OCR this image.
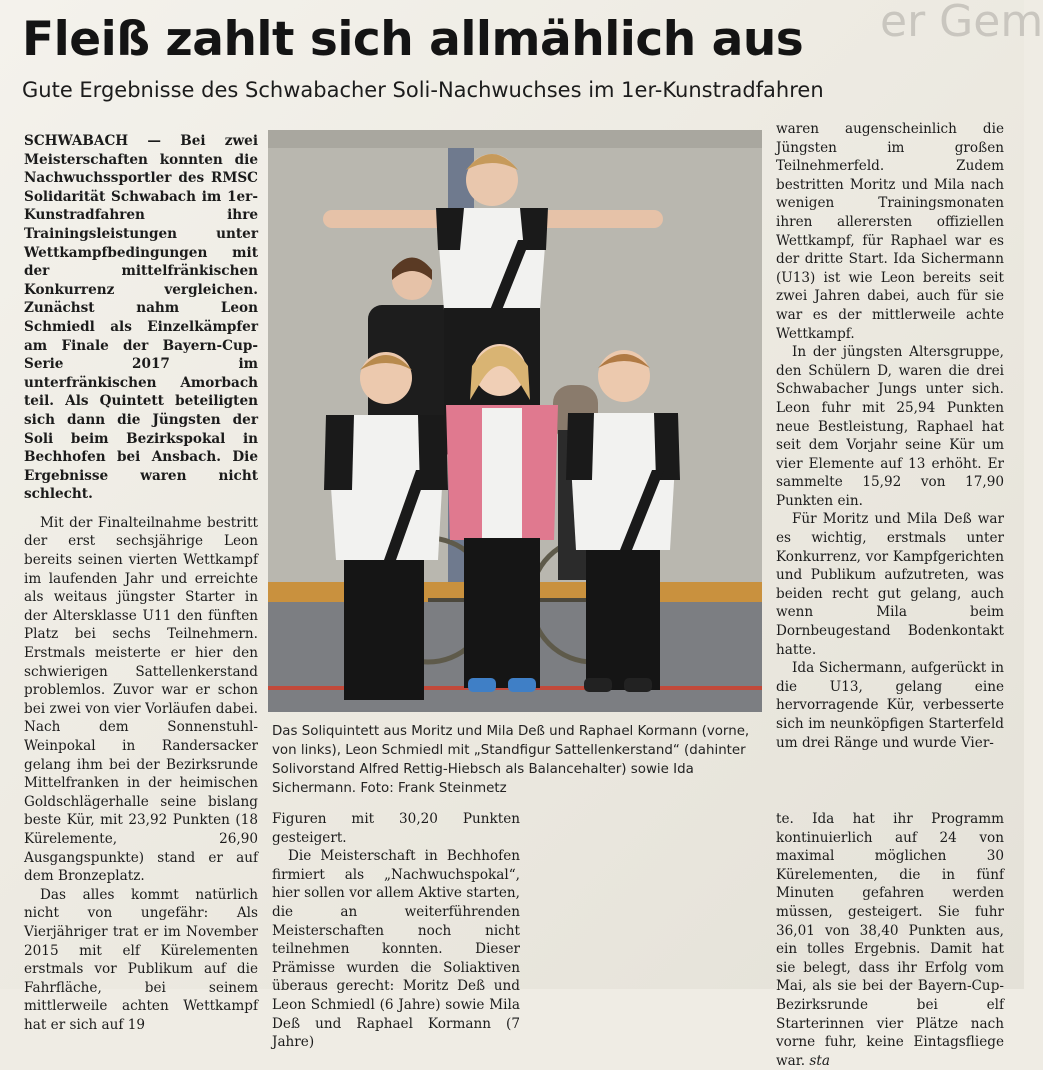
er Gem
Fleiß zahlt sich allmählich aus
Gute Ergebnisse des Schwabacher Soli-Nachwuchses im 1er-Kunstradfahren

SCHWABACH — Bei zwei Meisterschaften konnten die Nachwuchssportler des RMSC Solidarität Schwabach im 1er-Kunstradfahren ihre Trainingsleistungen unter Wettkampfbedingungen mit der mittelfränkischen Konkurrenz vergleichen. Zunächst nahm Leon Schmiedl als Einzelkämpfer am Finale der Bayern-Cup-Serie 2017 im unterfränkischen Amorbach teil. Als Quintett beteiligten sich dann die Jüngsten der Soli beim Bezirkspokal in Bechhofen bei Ansbach. Die Ergebnisse waren nicht schlecht.

Mit der Finalteilnahme bestritt der erst sechsjährige Leon bereits seinen vierten Wettkampf im laufenden Jahr und erreichte als weitaus jüngster Starter in der Altersklasse U11 den fünften Platz bei sechs Teilnehmern. Erstmals meisterte er hier den schwierigen Sattellenkerstand problemlos. Zuvor war er schon bei zwei von vier Vorläufen dabei. Nach dem Sonnenstuhl-Weinpokal in Randersacker gelang ihm bei der Bezirksrunde Mittelfranken in der heimischen Goldschlägerhalle seine bislang beste Kür, mit 23,92 Punkten (18 Kürelemente, 26,90 Ausgangspunkte) stand er auf dem Bronzeplatz.

Das alles kommt natürlich nicht von ungefähr: Als Vierjähriger trat er im November 2015 mit elf Kürelementen erstmals vor Publikum auf die Fahrfläche, bei seinem mittlerweile achten Wettkampf hat er sich auf 19

Das Soliquintett aus Moritz und Mila Deß und Raphael Kormann (vorne, von links), Leon Schmiedl mit „Standfigur Sattellenkerstand“ (dahinter Solivorstand Alfred Rettig-Hiebsch als Balancehalter) sowie Ida Sichermann. Foto: Frank Steinmetz

waren augenscheinlich die Jüngsten im großen Teilnehmerfeld. Zudem bestritten Moritz und Mila nach wenigen Trainingsmonaten ihren allerersten offiziellen Wettkampf, für Raphael war es der dritte Start. Ida Sichermann (U13) ist wie Leon bereits seit zwei Jahren dabei, auch für sie war es der mittlerweile achte Wettkampf.

In der jüngsten Altersgruppe, den Schülern D, waren die drei Schwabacher Jungs unter sich. Leon fuhr mit 25,94 Punkten neue Bestleistung, Raphael hat seit dem Vorjahr seine Kür um vier Elemente auf 13 erhöht. Er sammelte 15,92 von 17,90 Punkten ein.

Für Moritz und Mila Deß war es wichtig, erstmals unter Konkurrenz, vor Kampfgerichten und Publikum aufzutreten, was beiden recht gut gelang, auch wenn Mila beim Dornbeugestand Bodenkontakt hatte.

Ida Sichermann, aufgerückt in die U13, gelang eine hervorragende Kür, verbesserte sich im neunköpfigen Starterfeld um drei Ränge und wurde Vier-

Figuren mit 30,20 Punkten gesteigert.

Die Meisterschaft in Bechhofen firmiert als „Nachwuchspokal“, hier sollen vor allem Aktive starten, die an weiterführenden Meisterschaften noch nicht teilnehmen konnten. Dieser Prämisse wurden die Soliaktiven überaus gerecht: Moritz Deß und Leon Schmiedl (6 Jahre) sowie Mila Deß und Raphael Kormann (7 Jahre)

te. Ida hat ihr Programm kontinuierlich auf 24 von maximal möglichen 30 Kürelementen, die in fünf Minuten gefahren werden müssen, gesteigert. Sie fuhr 36,01 von 38,40 Punkten aus, ein tolles Ergebnis. Damit hat sie belegt, dass ihr Erfolg vom Mai, als sie bei der Bayern-Cup-Bezirksrunde bei elf Starterinnen vier Plätze nach vorne fuhr, keine Eintagsfliege war. sta
